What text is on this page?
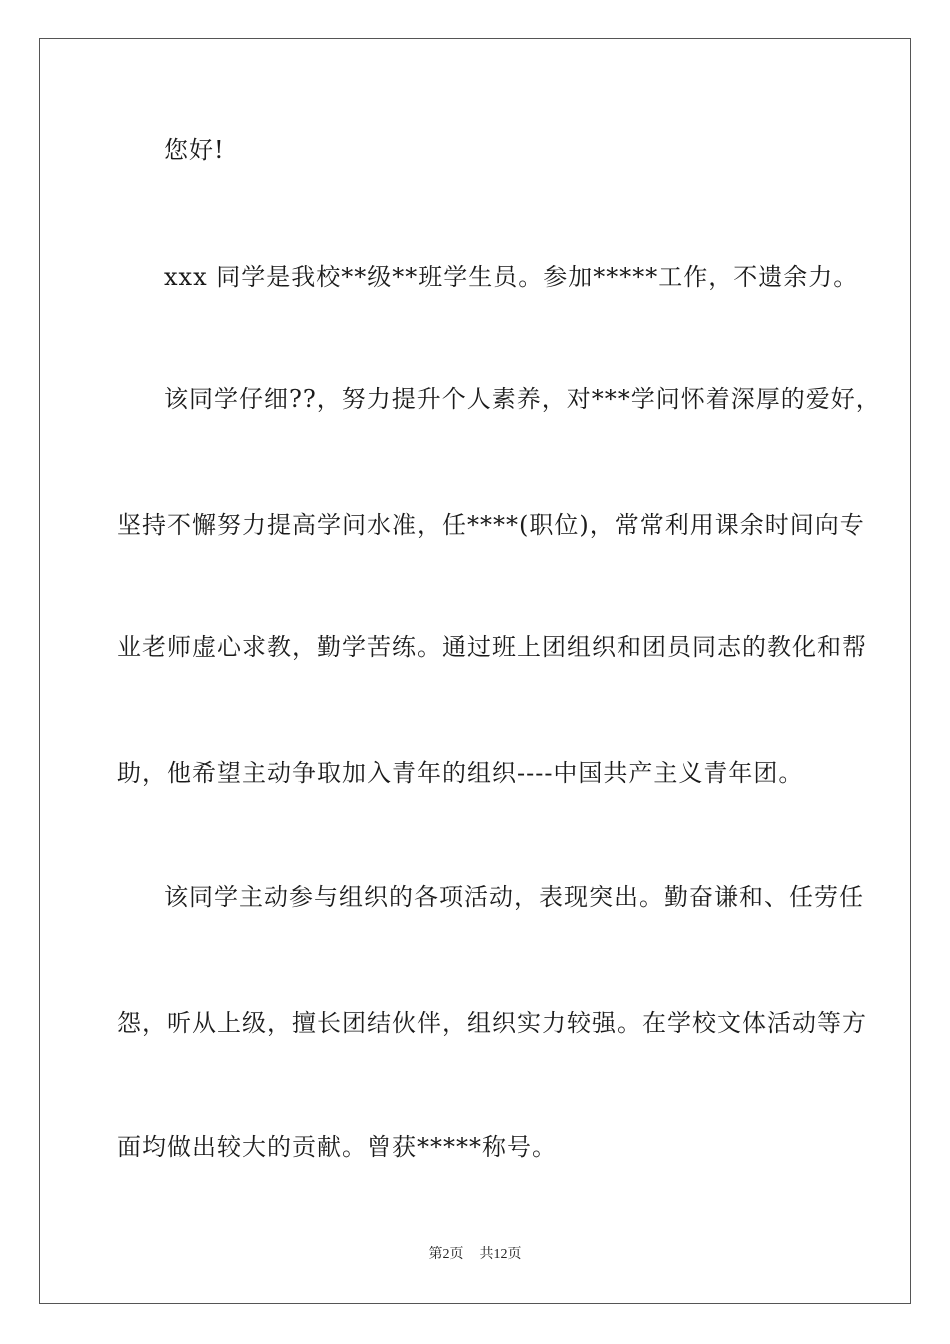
您好!

xxx 同学是我校**级**班学生员。参加*****工作，不遗余力。

该同学仔细??，努力提升个人素养，对***学问怀着深厚的爱好，

坚持不懈努力提高学问水准，任****(职位)，常常利用课余时间向专

业老师虚心求教，勤学苦练。通过班上团组织和团员同志的教化和帮

助，他希望主动争取加入青年的组织----中国共产主义青年团。

该同学主动参与组织的各项活动，表现突出。勤奋谦和、任劳任

怨，听从上级，擅长团结伙伴，组织实力较强。在学校文体活动等方

面均做出较大的贡献。曾获*****称号。

第2页 共12页
